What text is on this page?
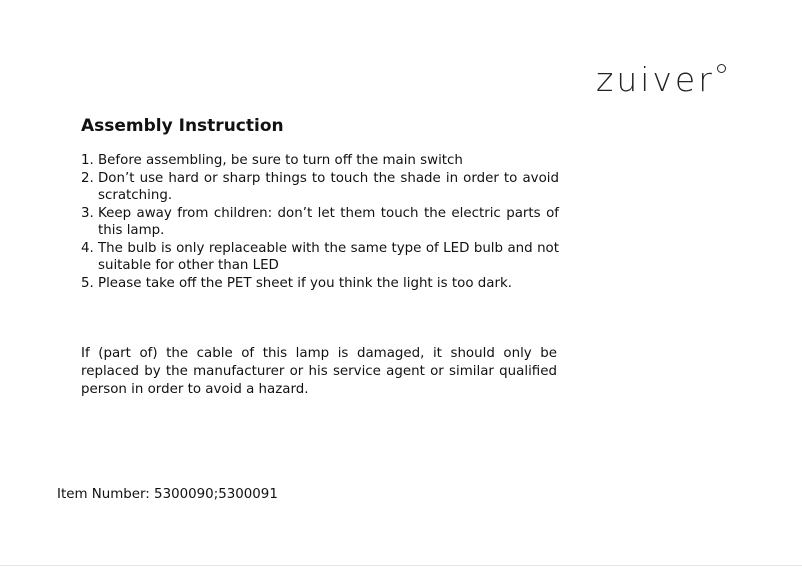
zuiver
Assembly Instruction
1. Before assembling, be sure to turn off the main switch
2. Don’t use hard or sharp things to touch the shade in order to avoid scratching.
3. Keep away from children: don’t let them touch the electric parts of this lamp.
4. The bulb is only replaceable with the same type of LED bulb and not suitable for other than LED
5. Please take off the PET sheet if you think the light is too dark.

If (part of) the cable of this lamp is damaged, it should only be replaced by the manufacturer or his service agent or similar qualified person in order to avoid a hazard.

Item Number: 5300090;5300091
